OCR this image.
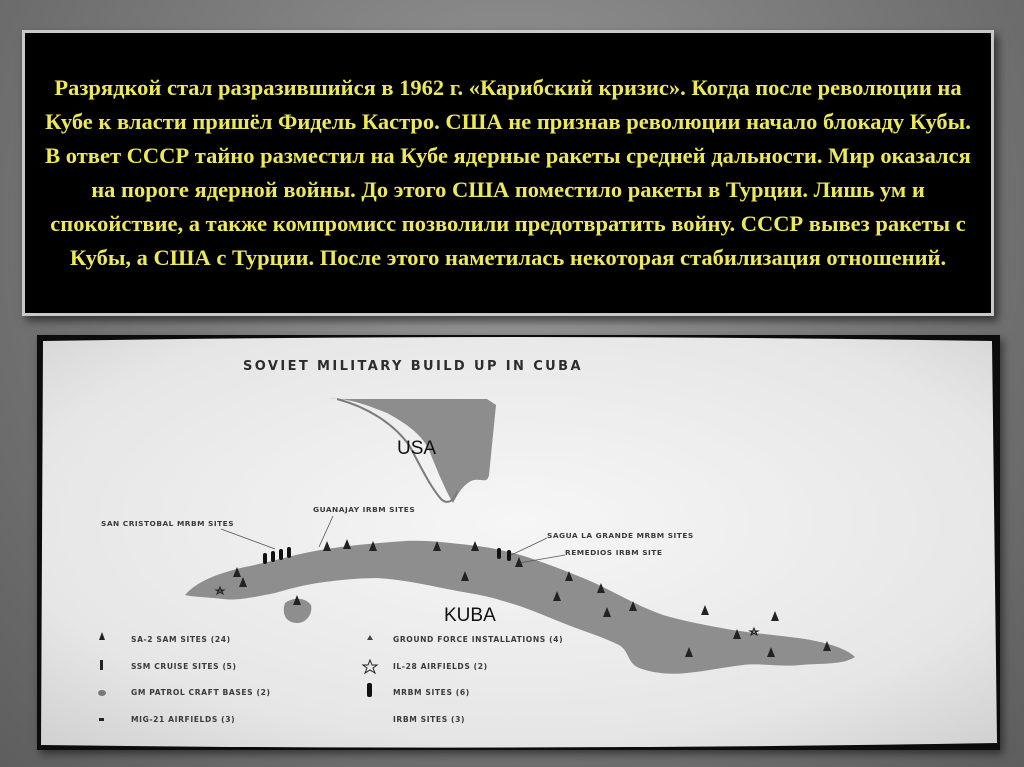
Разрядкой стал разразившийся в 1962 г. «Карибский кризис». Когда после революции на Кубе к власти пришёл Фидель Кастро. США не признав революции начало блокаду Кубы. В ответ СССР тайно разместил на Кубе ядерные ракеты средней дальности. Мир оказался на пороге ядерной войны. До этого США поместило ракеты в Турции. Лишь ум и спокойствие, а также компромисс позволили предотвратить войну. СССР вывез ракеты с Кубы, а США с Турции. После этого наметилась некоторая стабилизация отношений.

SOVIET MILITARY BUILD UP IN CUBA
USA
KUBA
GUANAJAY IRBM SITES
SAN CRISTOBAL MRBM SITES
SAGUA LA GRANDE MRBM SITES
REMEDIOS IRBM SITE
SA-2 SAM SITES (24)
SSM CRUISE SITES (5)
GM PATROL CRAFT BASES (2)
MIG-21 AIRFIELDS (3)
GROUND FORCE INSTALLATIONS (4)
IL-28 AIRFIELDS (2)
MRBM SITES (6)
IRBM SITES (3)
